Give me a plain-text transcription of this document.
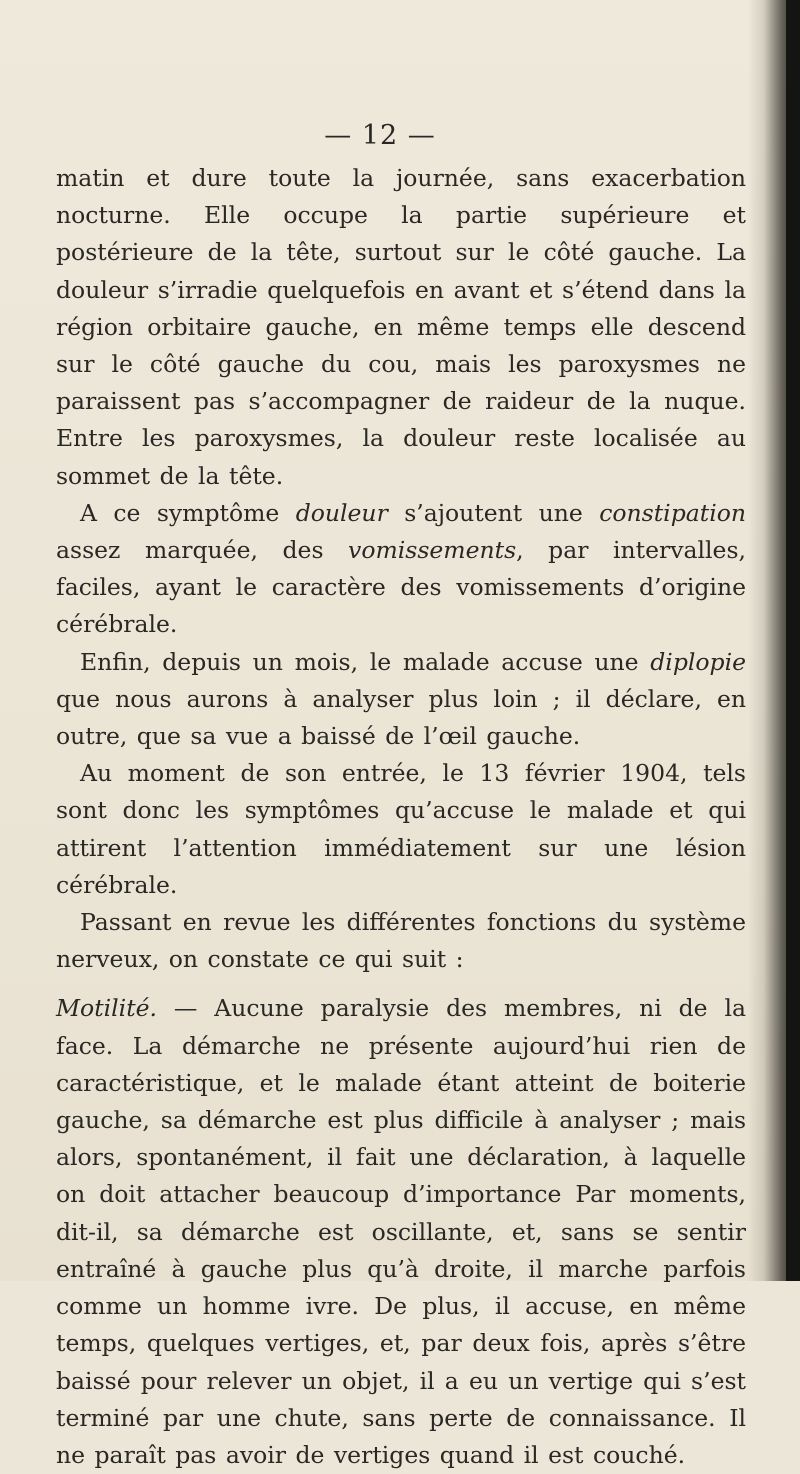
— 12 —

matin et dure toute la journée, sans exacerbation nocturne. Elle occupe la partie supérieure et postérieure de la tête, surtout sur le côté gauche. La douleur s’irradie quelquefois en avant et s’étend dans la région orbitaire gauche, en même temps elle descend sur le côté gauche du cou, mais les paroxysmes ne paraissent pas s’accompagner de raideur de la nuque. Entre les paroxysmes, la douleur reste localisée au sommet de la tête.

A ce symptôme douleur s’ajoutent une constipation assez marquée, des vomissements, par intervalles, faciles, ayant le caractère des vomissements d’origine cérébrale.

Enfin, depuis un mois, le malade accuse une diplopie que nous aurons à analyser plus loin ; il déclare, en outre, que sa vue a baissé de l’œil gauche.

Au moment de son entrée, le 13 février 1904, tels sont donc les symptômes qu’accuse le malade et qui attirent l’attention immédiatement sur une lésion cérébrale.

Passant en revue les différentes fonctions du système nerveux, on constate ce qui suit :

Motilité. — Aucune paralysie des membres, ni de la face. La démarche ne présente aujourd’hui rien de caractéristique, et le malade étant atteint de boiterie gauche, sa démarche est plus difficile à analyser ; mais alors, spontanément, il fait une déclaration, à laquelle on doit attacher beaucoup d’importance Par moments, dit-il, sa démarche est oscillante, et, sans se sentir entraîné à gauche plus qu’à droite, il marche parfois comme un homme ivre. De plus, il accuse, en même temps, quelques vertiges, et, par deux fois, après s’être baissé pour relever un objet, il a eu un vertige qui s’est terminé par une chute, sans perte de connaissance. Il ne paraît pas avoir de vertiges quand il est couché.
